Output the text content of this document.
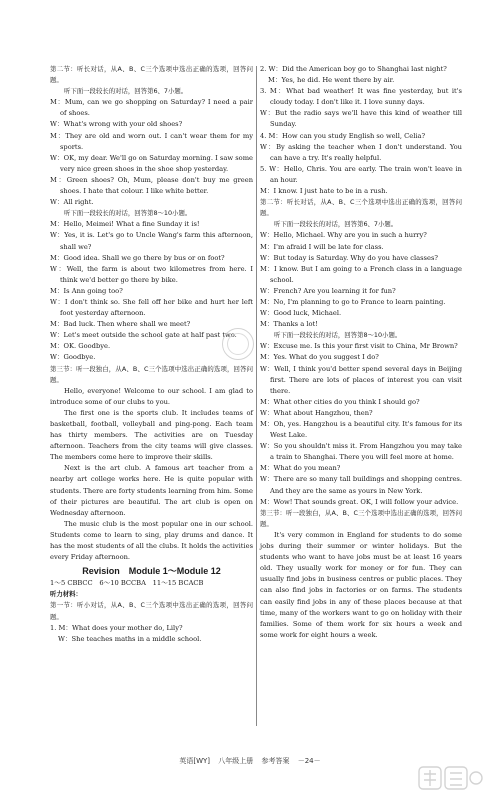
第二节：听长对话，从A、B、C三个选项中选出正确的选项，回答问题。

听下面一段较长的对话，回答第6、7小题。

M：Mum, can we go shopping on Saturday? I need a pair of shoes.

W：What's wrong with your old shoes?

M：They are old and worn out. I can't wear them for my sports.

W：OK, my dear. We'll go on Saturday morning. I saw some very nice green shoes in the shoe shop yesterday.

M：Green shoes? Oh, Mum, please don't buy me green shoes. I hate that colour. I like white better.

W：All right.

听下面一段较长的对话，回答第8～10小题。

M：Hello, Meimei! What a fine Sunday it is!

W：Yes, it is. Let's go to Uncle Wang's farm this afternoon, shall we?

M：Good idea. Shall we go there by bus or on foot?

W：Well, the farm is about two kilometres from here. I think we'd better go there by bike.

M：Is Ann going too?

W：I don't think so. She fell off her bike and hurt her left foot yesterday afternoon.

M：Bad luck. Then where shall we meet?

W：Let's meet outside the school gate at half past two.

M：OK. Goodbye.

W：Goodbye.

第三节：听一段独白，从A、B、C三个选项中选出正确的选项，回答问题。

Hello, everyone! Welcome to our school. I am glad to introduce some of our clubs to you.

The first one is the sports club. It includes teams of basketball, football, volleyball and ping-pong. Each team has thirty members. The activities are on Tuesday afternoon. Teachers from the city teams will give classes. The members come here to improve their skills.

Next is the art club. A famous art teacher from a nearby art college works here. He is quite popular with students. There are forty students learning from him. Some of their pictures are beautiful. The art club is open on Wednesday afternoon.

The music club is the most popular one in our school. Students come to learn to sing, play drums and dance. It has the most students of all the clubs. It holds the activities every Friday afternoon.

Revision　Module 1～Module 12

1～5 CBBCC　6～10 BCCBA　11～15 BCACB

听力材料：

第一节：听小对话，从A、B、C三个选项中选出正确的选项，回答问题。

1. M：What does your mother do, Lily?

W：She teaches maths in a middle school.

2. W：Did the American boy go to Shanghai last night?

M：Yes, he did. He went there by air.

3. M：What bad weather! It was fine yesterday, but it's cloudy today. I don't like it. I love sunny days.

W：But the radio says we'll have this kind of weather till Sunday.

4. M：How can you study English so well, Celia?

W：By asking the teacher when I don't understand. You can have a try. It's really helpful.

5. W：Hello, Chris. You are early. The train won't leave in an hour.

M：I know. I just hate to be in a rush.

第二节：听长对话，从A、B、C三个选项中选出正确的选项，回答问题。

听下面一段较长的对话，回答第6、7小题。

W：Hello, Michael. Why are you in such a hurry?

M：I'm afraid I will be late for class.

W：But today is Saturday. Why do you have classes?

M：I know. But I am going to a French class in a language school.

W：French? Are you learning it for fun?

M：No, I'm planning to go to France to learn painting.

W：Good luck, Michael.

M：Thanks a lot!

听下面一段较长的对话，回答第8～10小题。

W：Excuse me. Is this your first visit to China, Mr Brown?

M：Yes. What do you suggest I do?

W：Well, I think you'd better spend several days in Beijing first. There are lots of places of interest you can visit there.

M：What other cities do you think I should go?

W：What about Hangzhou, then?

M：Oh, yes. Hangzhou is a beautiful city. It's famous for its West Lake.

W：So you shouldn't miss it. From Hangzhou you may take a train to Shanghai. There you will feel more at home.

M：What do you mean?

W：There are so many tall buildings and shopping centres. And they are the same as yours in New York.

M：Wow! That sounds great. OK, I will follow your advice.

第三节：听一段独白，从A、B、C三个选项中选出正确的选项，回答问题。

It's very common in England for students to do some jobs during their summer or winter holidays. But the students who want to have jobs must be at least 16 years old. They usually work for money or for fun. They can usually find jobs in business centres or public places. They can also find jobs in factories or on farms. The students can easily find jobs in any of these places because at that time, many of the workers want to go on holiday with their families. Some of them work for six hours a week and some work for eight hours a week.

英语[WY] 八年级上册 参考答案 －24－
